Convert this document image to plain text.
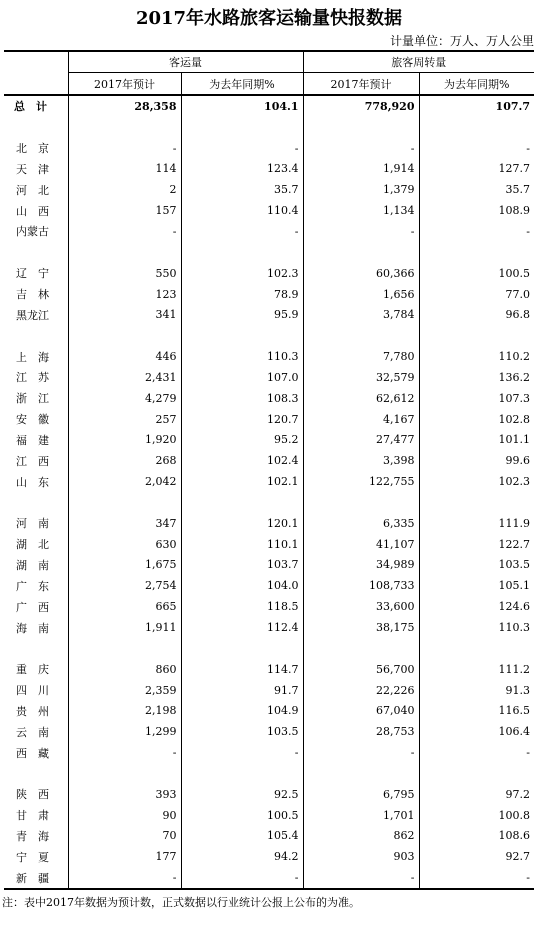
2017年水路旅客运输量快报数据
计量单位：万人、万人公里
	客运量		旅客周转量	
	2017年预计	为去年同期%	2017年预计	为去年同期%
总　计	28,358	104.1	778,920	107.7

北　京	-	-	-	-
天　津	114	123.4	1,914	127.7
河　北	2	35.7	1,379	35.7
山　西	157	110.4	1,134	108.9
内蒙古	-	-	-	-

辽　宁	550	102.3	60,366	100.5
吉　林	123	78.9	1,656	77.0
黑龙江	341	95.9	3,784	96.8

上　海	446	110.3	7,780	110.2
江　苏	2,431	107.0	32,579	136.2
浙　江	4,279	108.3	62,612	107.3
安　徽	257	120.7	4,167	102.8
福　建	1,920	95.2	27,477	101.1
江　西	268	102.4	3,398	99.6
山　东	2,042	102.1	122,755	102.3

河　南	347	120.1	6,335	111.9
湖　北	630	110.1	41,107	122.7
湖　南	1,675	103.7	34,989	103.5
广　东	2,754	104.0	108,733	105.1
广　西	665	118.5	33,600	124.6
海　南	1,911	112.4	38,175	110.3

重　庆	860	114.7	56,700	111.2
四　川	2,359	91.7	22,226	91.3
贵　州	2,198	104.9	67,040	116.5
云　南	1,299	103.5	28,753	106.4
西　藏	-	-	-	-

陕　西	393	92.5	6,795	97.2
甘　肃	90	100.5	1,701	100.8
青　海	70	105.4	862	108.6
宁　夏	177	94.2	903	92.7
新　疆	-	-	-	-
注：表中2017年数据为预计数，正式数据以行业统计公报上公布的为准。
